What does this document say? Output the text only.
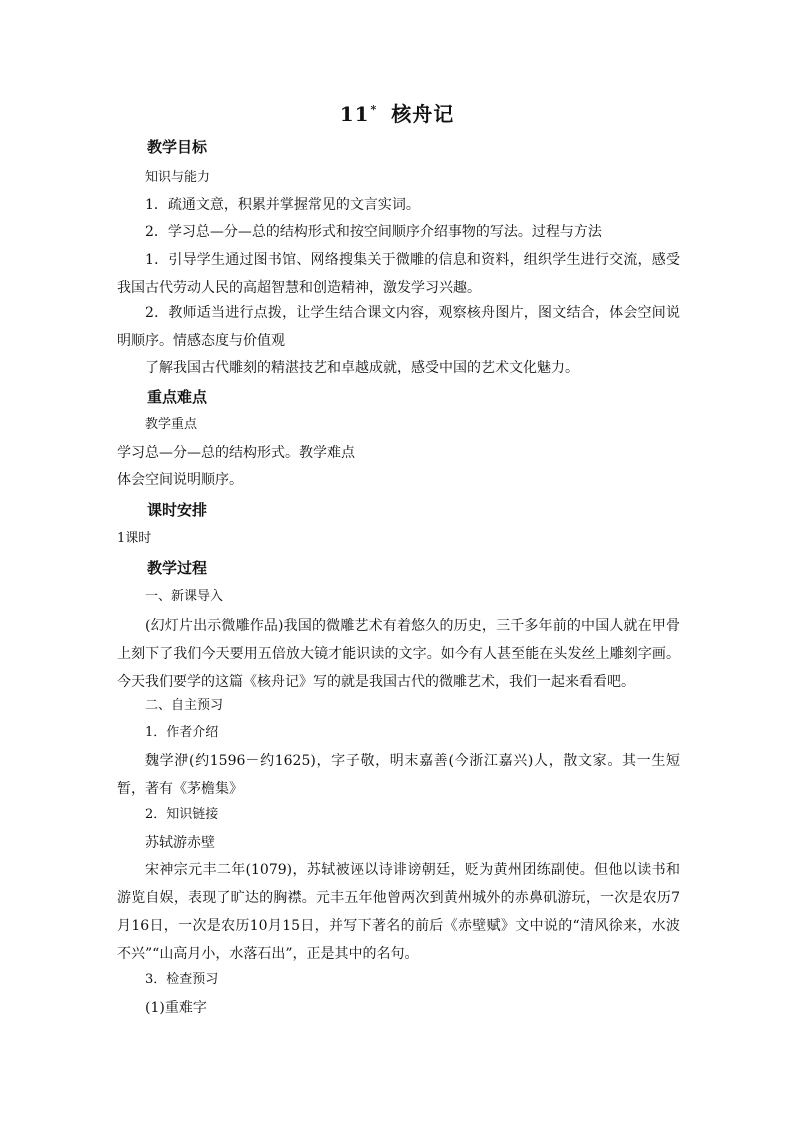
11* 核舟记
教学目标
知识与能力
1．疏通文意，积累并掌握常见的文言实词。
2．学习总—分—总的结构形式和按空间顺序介绍事物的写法。过程与方法
1．引导学生通过图书馆、网络搜集关于微雕的信息和资料，组织学生进行交流，感受我国古代劳动人民的高超智慧和创造精神，激发学习兴趣。
2．教师适当进行点拨，让学生结合课文内容，观察核舟图片，图文结合，体会空间说明顺序。情感态度与价值观
了解我国古代雕刻的精湛技艺和卓越成就，感受中国的艺术文化魅力。
重点难点
教学重点
学习总—分—总的结构形式。教学难点
体会空间说明顺序。
课时安排
1课时
教学过程
一、新课导入
(幻灯片出示微雕作品)我国的微雕艺术有着悠久的历史，三千多年前的中国人就在甲骨上刻下了我们今天要用五倍放大镜才能识读的文字。如今有人甚至能在头发丝上雕刻字画。今天我们要学的这篇《核舟记》写的就是我国古代的微雕艺术，我们一起来看看吧。
二、自主预习
1．作者介绍
魏学洢(约1596－约1625)，字子敬，明末嘉善(今浙江嘉兴)人，散文家。其一生短暂，著有《茅檐集》
2．知识链接
苏轼游赤壁
宋神宗元丰二年(1079)，苏轼被诬以诗诽谤朝廷，贬为黄州团练副使。但他以读书和游览自娱，表现了旷达的胸襟。元丰五年他曾两次到黄州城外的赤鼻矶游玩，一次是农历7月16日，一次是农历10月15日，并写下著名的前后《赤壁赋》文中说的“清风徐来，水波不兴”“山高月小，水落石出”，正是其中的名句。
3．检查预习
(1)重难字
